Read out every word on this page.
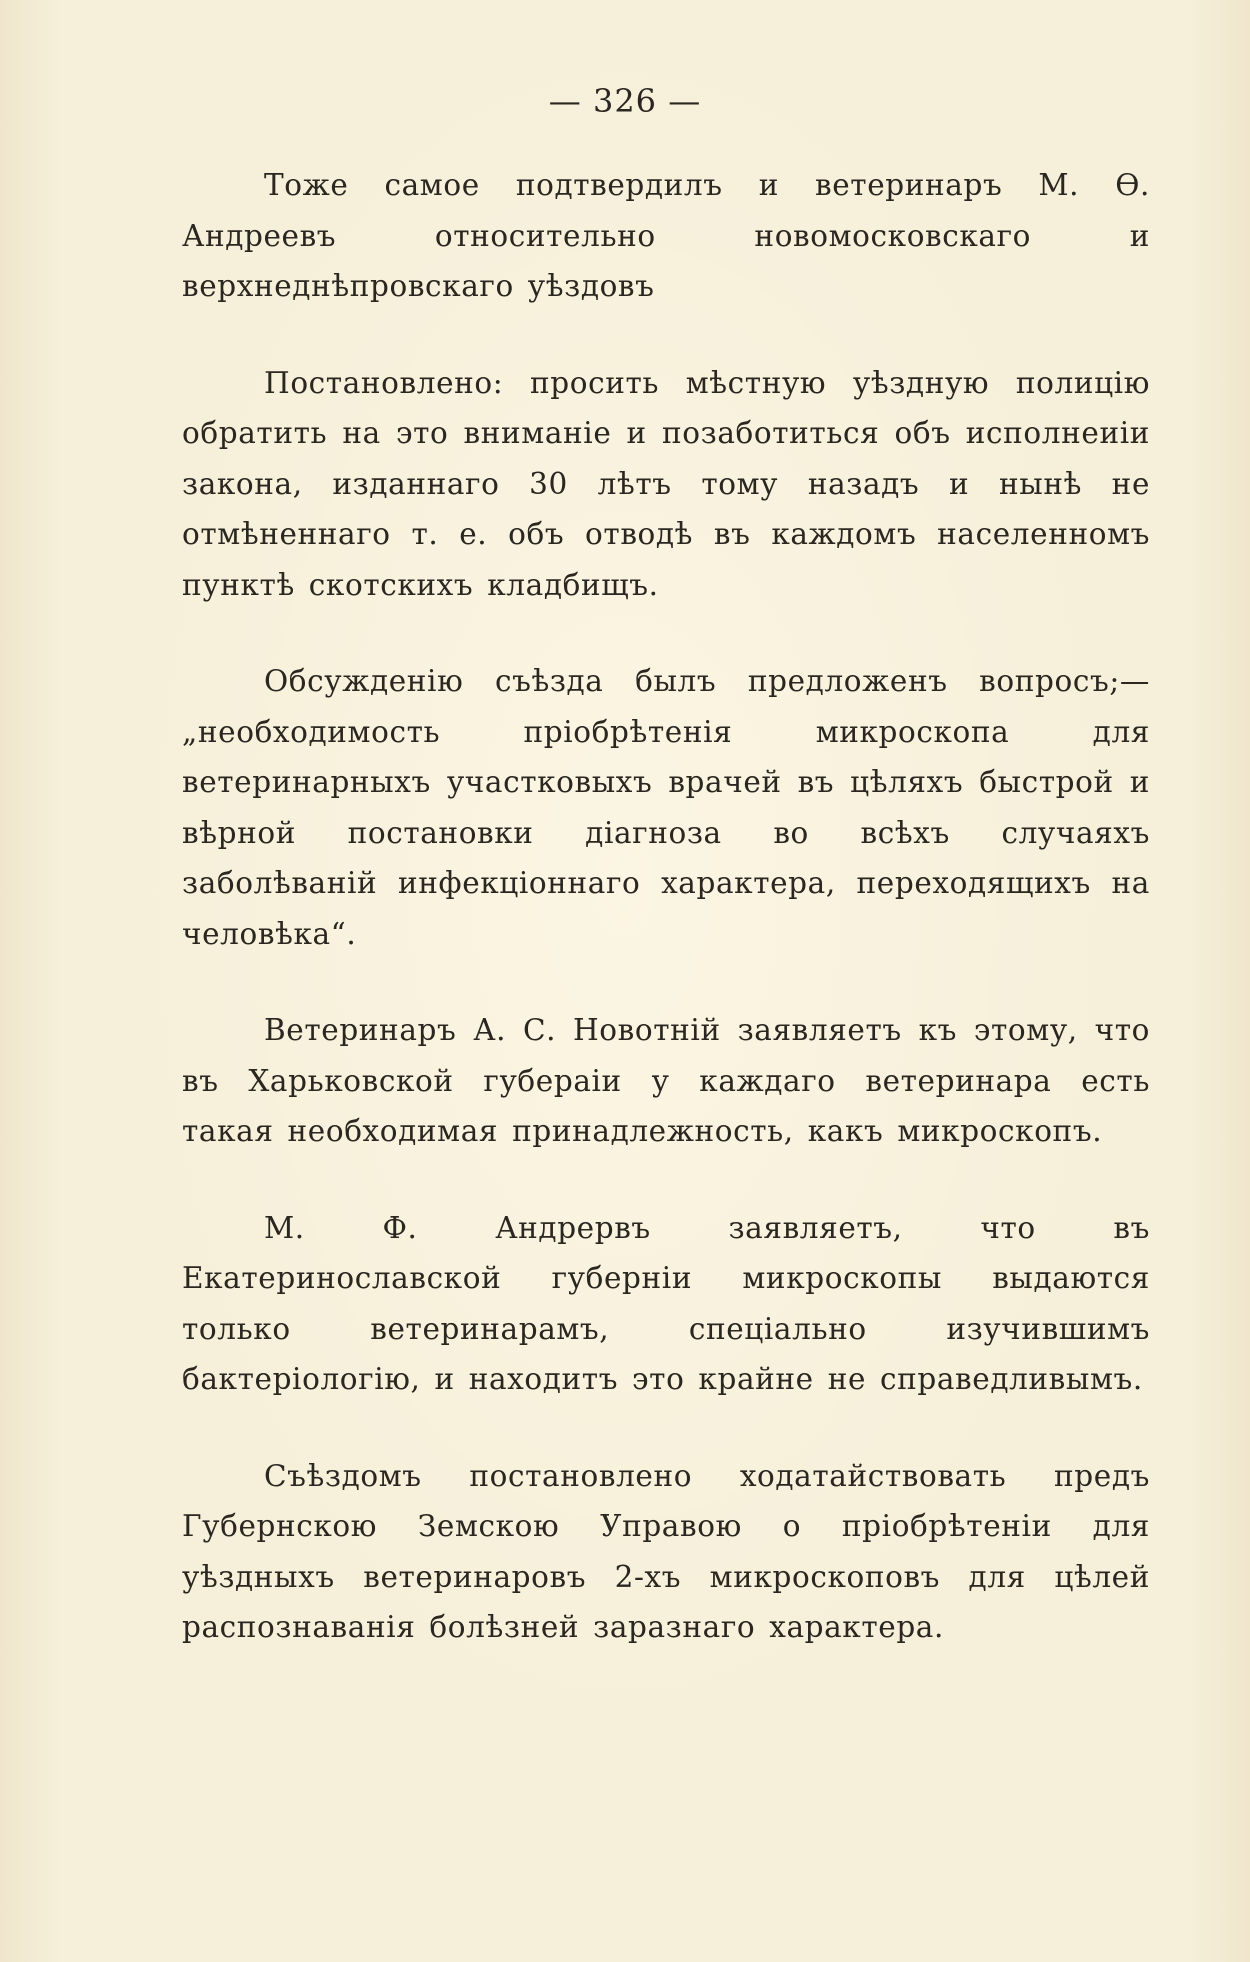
— 326 —

Тоже самое подтвердилъ и ветеринаръ М. Ѳ. Андреевъ относительно новомосковскаго и верхнеднѣпровскаго уѣздовъ

Постановлено: просить мѣстную уѣздную полицію обратить на это вниманіе и позаботиться объ исполнеиіи закона, изданнаго 30 лѣтъ тому назадъ и нынѣ не отмѣненнаго т. е. объ отводѣ въ каждомъ населенномъ пунктѣ скотскихъ кладбищъ.

Обсужденію съѣзда былъ предложенъ вопросъ;— „необходимость пріобрѣтенія микроскопа для ветеринарныхъ участковыхъ врачей въ цѣляхъ быстрой и вѣрной постановки діагноза во всѣхъ случаяхъ заболѣваній инфекціоннаго характера, переходящихъ на человѣка“.

Ветеринаръ А. С. Новотній заявляетъ къ этому, что въ Харьковской губераіи у каждаго ветеринара есть такая необходимая принадлежность, какъ микроскопъ.

М. Ф. Андрервъ заявляетъ, что въ Екатеринославской губерніи микроскопы выдаются только ветеринарамъ, спеціально изучившимъ бактеріологію, и находитъ это крайне не справедливымъ.

Съѣздомъ постановлено ходатайствовать предъ Губернскою Земскою Управою о пріобрѣтеніи для уѣздныхъ ветеринаровъ 2-хъ микроскоповъ для цѣлей распознаванія болѣзней заразнаго характера.
